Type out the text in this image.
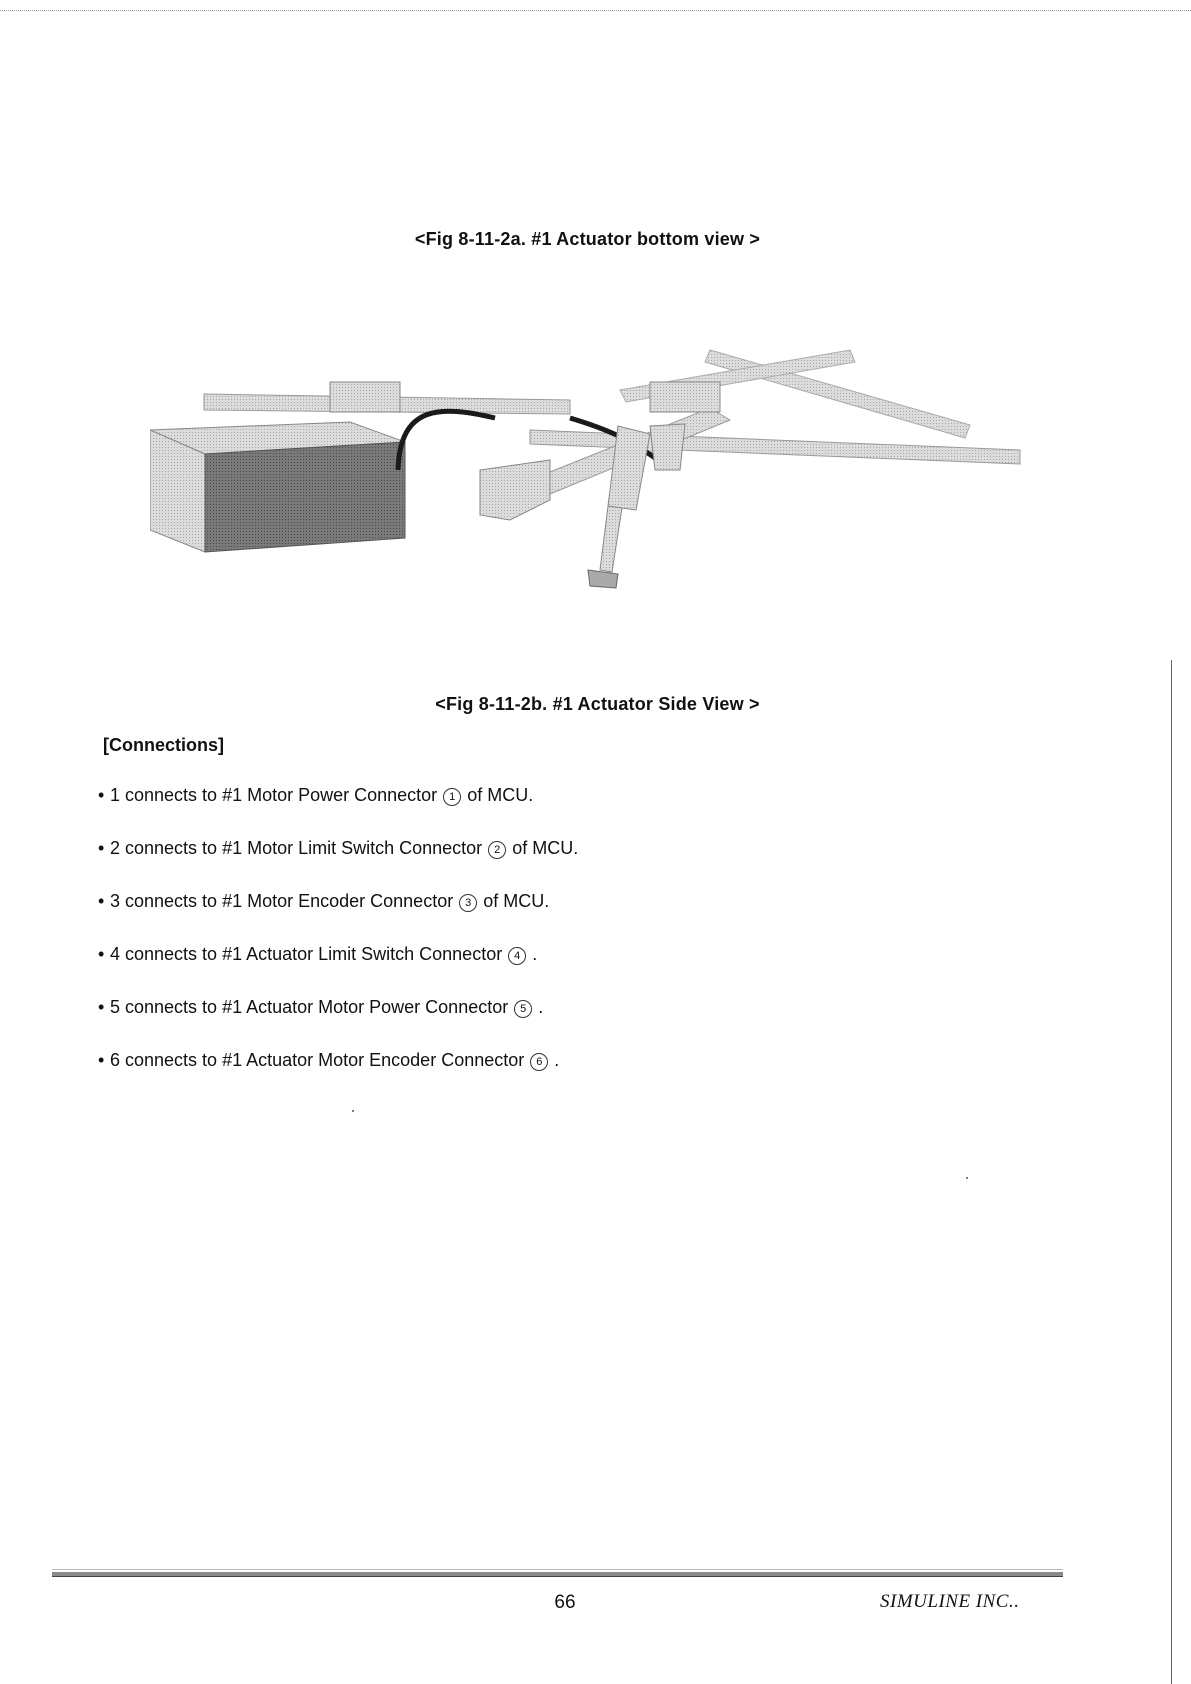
<Fig 8-11-2a. #1 Actuator bottom view >
<Fig 8-11-2b. #1 Actuator Side View >
[Connections]
• 1 connects to #1 Motor Power Connector 1 of MCU.
• 2 connects to #1 Motor Limit Switch Connector 2 of MCU.
• 3 connects to #1 Motor Encoder Connector 3 of MCU.
• 4 connects to #1 Actuator Limit Switch Connector 4 .
• 5 connects to #1 Actuator Motor Power Connector 5 .
• 6 connects to #1 Actuator Motor Encoder Connector 6 .
66	SIMULINE INC..
